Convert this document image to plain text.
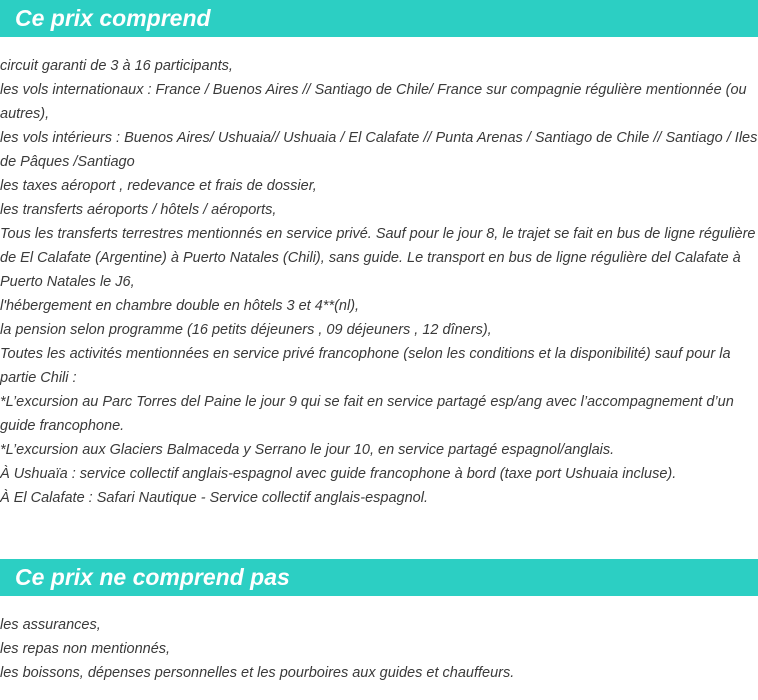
Ce prix comprend
circuit garanti de 3 à 16 participants,
les vols internationaux : France / Buenos Aires // Santiago de Chile/ France sur compagnie régulière mentionnée (ou autres),
les vols intérieurs : Buenos Aires/ Ushuaia// Ushuaia / El Calafate // Punta Arenas / Santiago de Chile // Santiago / Iles de Pâques /Santiago
les taxes aéroport , redevance et frais de dossier,
les transferts aéroports / hôtels / aéroports,
Tous les transferts terrestres mentionnés en service privé. Sauf pour le jour 8, le trajet se fait en bus de ligne régulière de El Calafate (Argentine) à Puerto Natales (Chili), sans guide. Le transport en bus de ligne régulière del Calafate à Puerto Natales le J6,
l'hébergement en chambre double en hôtels 3 et 4**(nl),
la pension selon programme (16 petits déjeuners , 09 déjeuners , 12 dîners),
Toutes les activités mentionnées en service privé francophone (selon les conditions et la disponibilité) sauf pour la partie Chili :
*L’excursion au Parc Torres del Paine le jour 9 qui se fait en service partagé esp/ang avec l’accompagnement d’un guide francophone.
*L’excursion aux Glaciers Balmaceda y Serrano le jour 10, en service partagé espagnol/anglais.
À Ushuaïa : service collectif anglais-espagnol avec guide francophone à bord (taxe port Ushuaia incluse).
À El Calafate : Safari Nautique - Service collectif anglais-espagnol.
Ce prix ne comprend pas
les assurances,
les repas non mentionnés,
les boissons, dépenses personnelles et les pourboires aux guides et chauffeurs.
